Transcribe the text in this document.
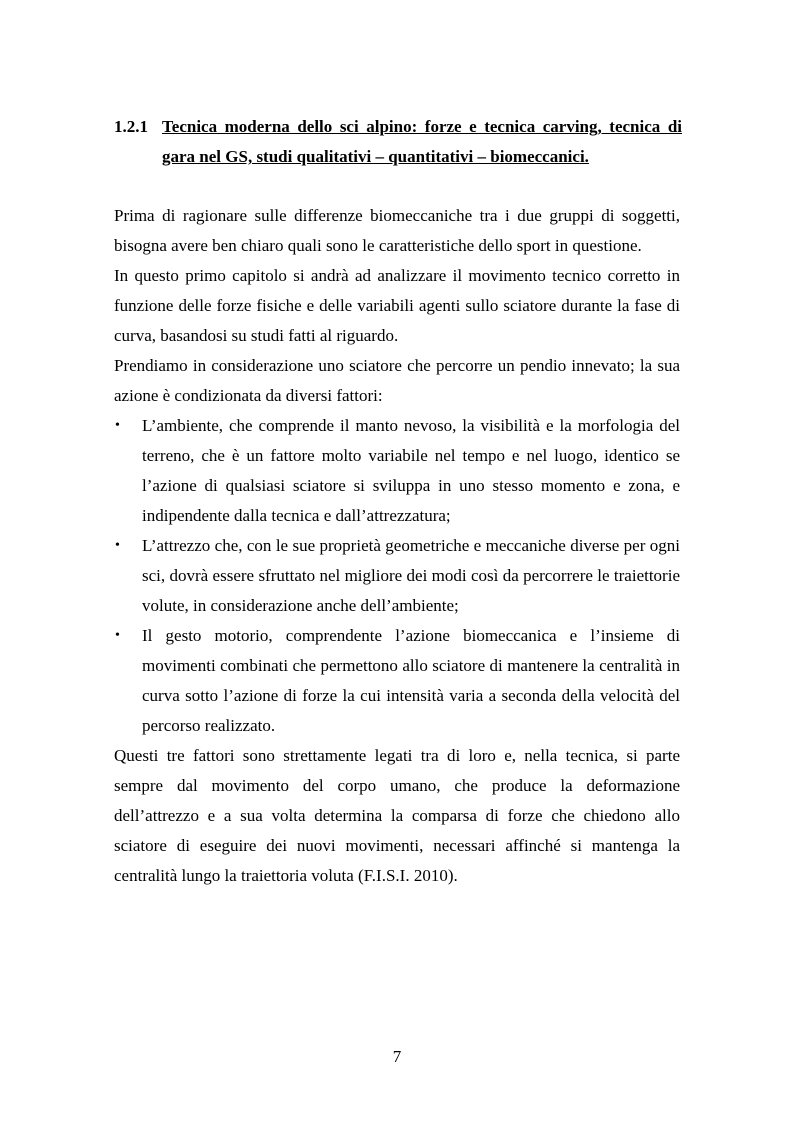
1.2.1 Tecnica moderna dello sci alpino: forze e tecnica carving, tecnica di gara nel GS, studi qualitativi – quantitativi – biomeccanici.

Prima di ragionare sulle differenze biomeccaniche tra i due gruppi di soggetti, bisogna avere ben chiaro quali sono le caratteristiche dello sport in questione.

In questo primo capitolo si andrà ad analizzare il movimento tecnico corretto in funzione delle forze fisiche e delle variabili agenti sullo sciatore durante la fase di curva, basandosi su studi fatti al riguardo.

Prendiamo in considerazione uno sciatore che percorre un pendio innevato; la sua azione è condizionata da diversi fattori:

• L’ambiente, che comprende il manto nevoso, la visibilità e la morfologia del terreno, che è un fattore molto variabile nel tempo e nel luogo, identico se l’azione di qualsiasi sciatore si sviluppa in uno stesso momento e zona, e indipendente dalla tecnica e dall’attrezzatura;
• L’attrezzo che, con le sue proprietà geometriche e meccaniche diverse per ogni sci, dovrà essere sfruttato nel migliore dei modi così da percorrere le traiettorie volute, in considerazione anche dell’ambiente;
• Il gesto motorio, comprendente l’azione biomeccanica e l’insieme di movimenti combinati che permettono allo sciatore di mantenere la centralità in curva sotto l’azione di forze la cui intensità varia a seconda della velocità del percorso realizzato.

Questi tre fattori sono strettamente legati tra di loro e, nella tecnica, si parte sempre dal movimento del corpo umano, che produce la deformazione dell’attrezzo e a sua volta determina la comparsa di forze che chiedono allo sciatore di eseguire dei nuovi movimenti, necessari affinché si mantenga la centralità lungo la traiettoria voluta (F.I.S.I. 2010).

7
